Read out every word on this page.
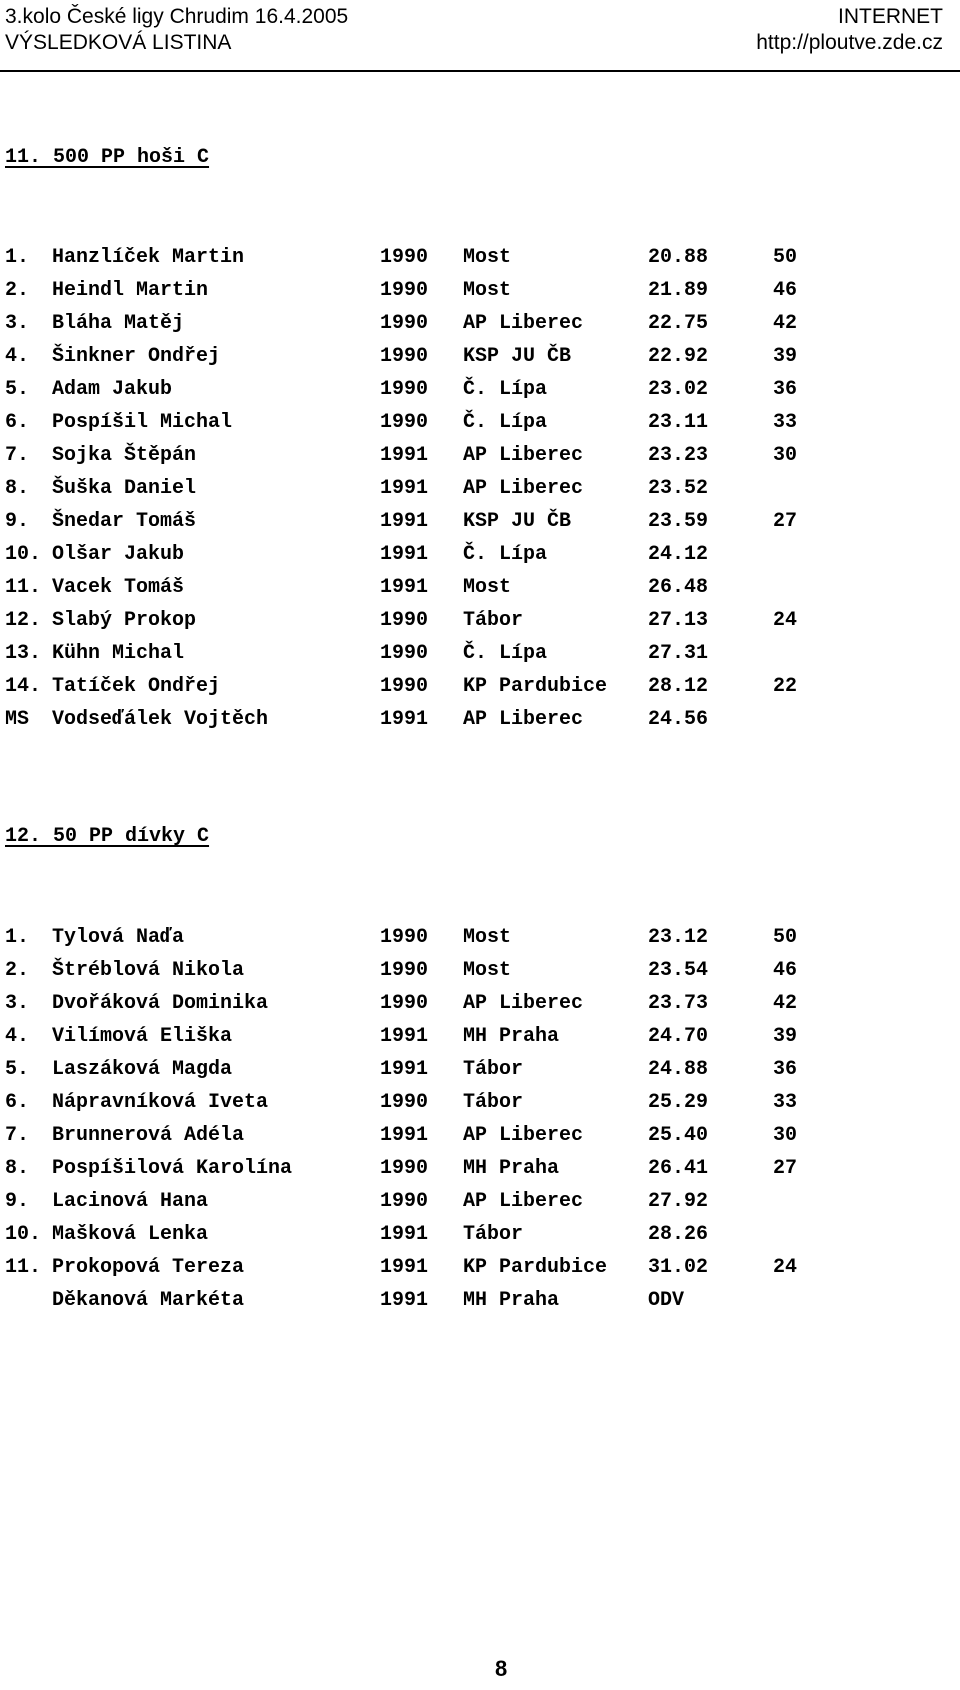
3.kolo České ligy Chrudim 16.4.2005	INTERNET
VÝSLEDKOVÁ LISTINA	http://ploutve.zde.cz
11. 500 PP hoši C
1. Hanzlíček Martin	1990 Most	20.88	50
2. Heindl Martin	1990 Most	21.89	46
3. Bláha Matěj	1990 AP Liberec	22.75	42
4. Šinkner Ondřej	1990 KSP JU ČB	22.92	39
5. Adam Jakub	1990 Č. Lípa	23.02	36
6. Pospíšil Michal	1990 Č. Lípa	23.11	33
7. Sojka Štěpán	1991 AP Liberec	23.23	30
8. Šuška Daniel	1991 AP Liberec	23.52
9. Šnedar Tomáš	1991 KSP JU ČB	23.59	27
10. Olšar Jakub	1991 Č. Lípa	24.12
11. Vacek Tomáš	1991 Most	26.48
12. Slabý Prokop	1990 Tábor	27.13	24
13. Kühn Michal	1990 Č. Lípa	27.31
14. Tatíček Ondřej	1990 KP Pardubice 28.12	22
MS Vodseďálek Vojtěch	1991 AP Liberec	24.56
12. 50 PP dívky C
1. Tylová Naďa	1990 Most	23.12	50
2. Štréblová Nikola	1990 Most	23.54	46
3. Dvořáková Dominika	1990 AP Liberec	23.73	42
4. Vilímová Eliška	1991 MH Praha	24.70	39
5. Laszáková Magda	1991 Tábor	24.88	36
6. Nápravníková Iveta	1990 Tábor	25.29	33
7. Brunnerová Adéla	1991 AP Liberec	25.40	30
8. Pospíšilová Karolína	1990 MH Praha	26.41	27
9. Lacinová Hana	1990 AP Liberec	27.92
10. Mašková Lenka	1991 Tábor	28.26
11. Prokopová Tereza	1991 KP Pardubice 31.02	24
Děkanová Markéta	1991 MH Praha	ODV
8
